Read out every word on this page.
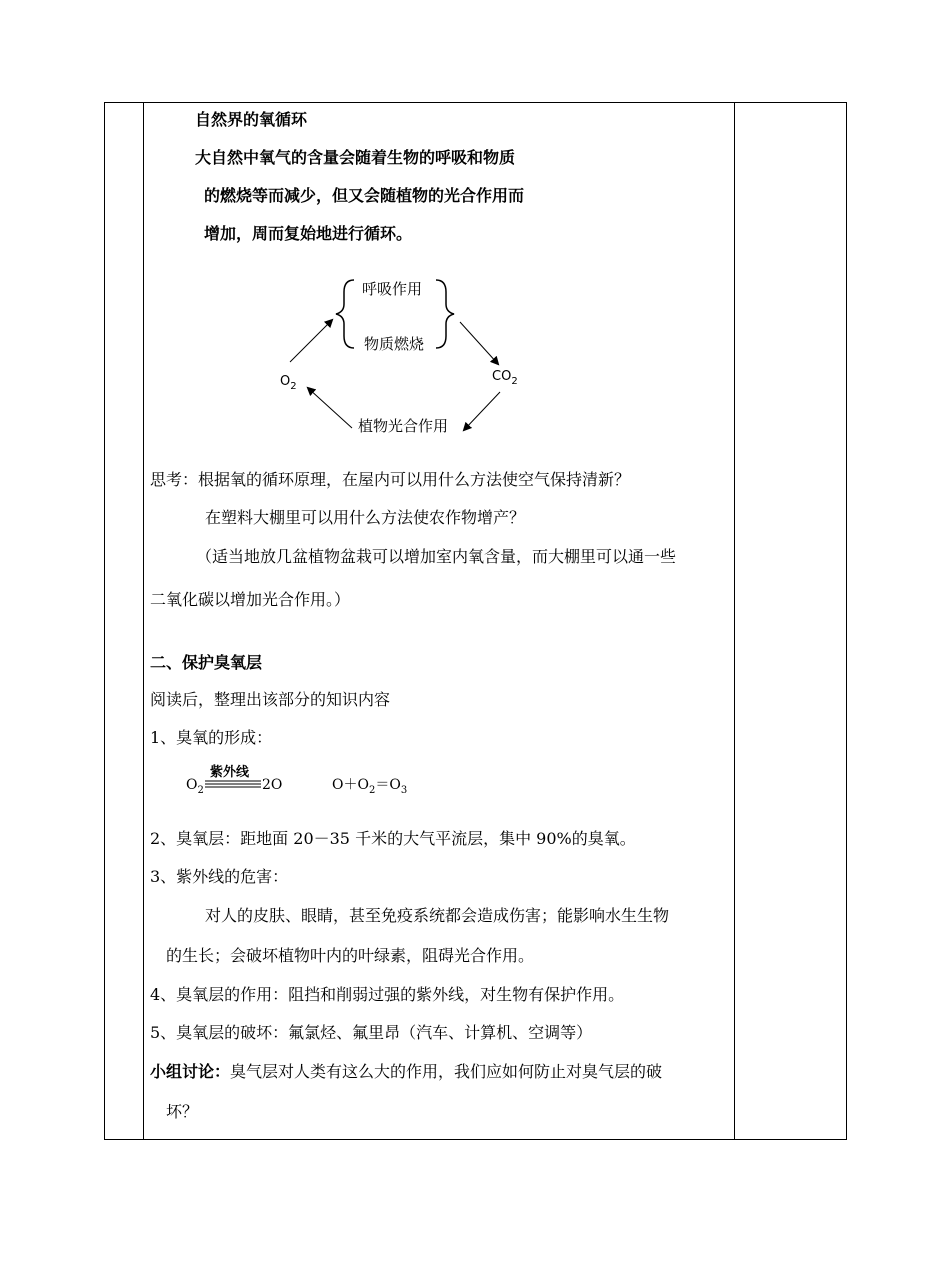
自然界的氧循环
大自然中氧气的含量会随着生物的呼吸和物质
的燃烧等而减少，但又会随植物的光合作用而
增加，周而复始地进行循环。
呼吸作用
物质燃烧
$O_2$
$CO_2$
植物光合作用
思考：根据氧的循环原理，在屋内可以用什么方法使空气保持清新？
在塑料大棚里可以用什么方法使农作物增产？
（适当地放几盆植物盆栽可以增加室内氧含量，而大棚里可以通一些
二氧化碳以增加光合作用。）
二、保护臭氧层
阅读后，整理出该部分的知识内容
1、臭氧的形成：
$O_2$
紫外线
2O	$O+O_2=O_3$
2、臭氧层：距地面 20－35 千米的大气平流层，集中 90%的臭氧。
3、紫外线的危害：
对人的皮肤、眼睛，甚至免疫系统都会造成伤害；能影响水生生物
的生长；会破坏植物叶内的叶绿素，阻碍光合作用。
4、臭氧层的作用：阻挡和削弱过强的紫外线，对生物有保护作用。
5、臭氧层的破坏：氟氯烃、氟里昂（汽车、计算机、空调等）
小组讨论：臭气层对人类有这么大的作用，我们应如何防止对臭气层的破
坏？
